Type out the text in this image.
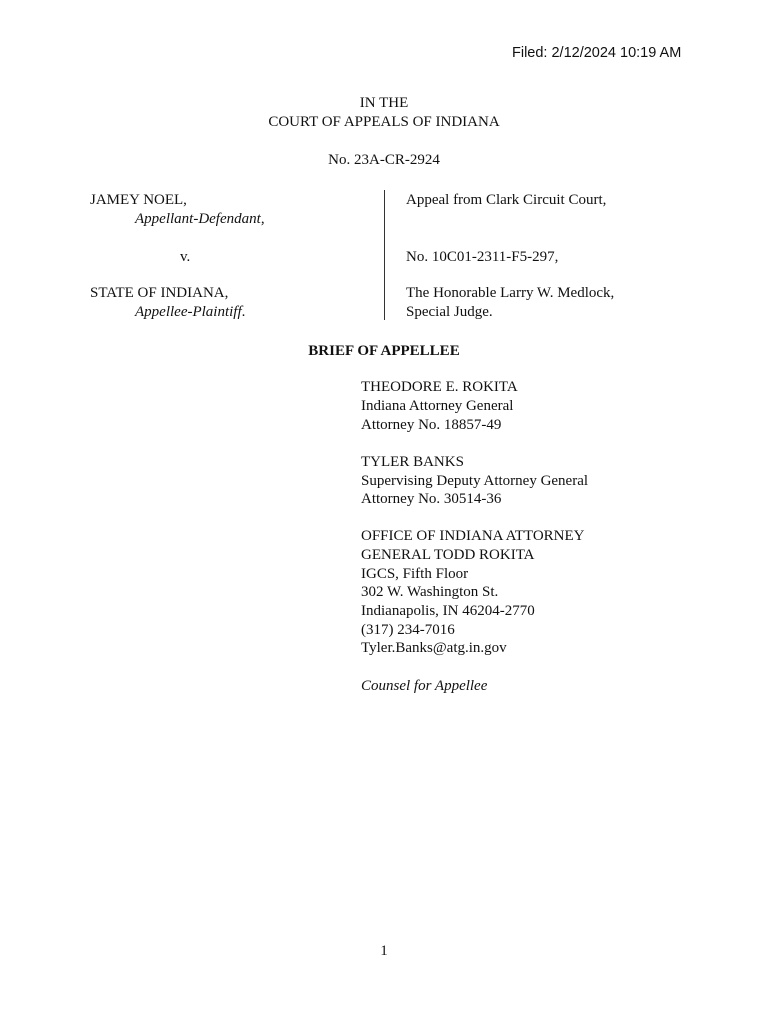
Filed: 2/12/2024 10:19 AM
IN THE
COURT OF APPEALS OF INDIANA
No. 23A-CR-2924
JAMEY NOEL,
Appellant-Defendant,
v.
STATE OF INDIANA,
Appellee-Plaintiff.
Appeal from Clark Circuit Court,
No. 10C01-2311-F5-297,
The Honorable Larry W. Medlock,
Special Judge.
BRIEF OF APPELLEE
THEODORE E. ROKITA
Indiana Attorney General
Attorney No. 18857-49
TYLER BANKS
Supervising Deputy Attorney General
Attorney No. 30514-36
OFFICE OF INDIANA ATTORNEY
GENERAL TODD ROKITA
IGCS, Fifth Floor
302 W. Washington St.
Indianapolis, IN 46204-2770
(317) 234-7016
Tyler.Banks@atg.in.gov
Counsel for Appellee
1
